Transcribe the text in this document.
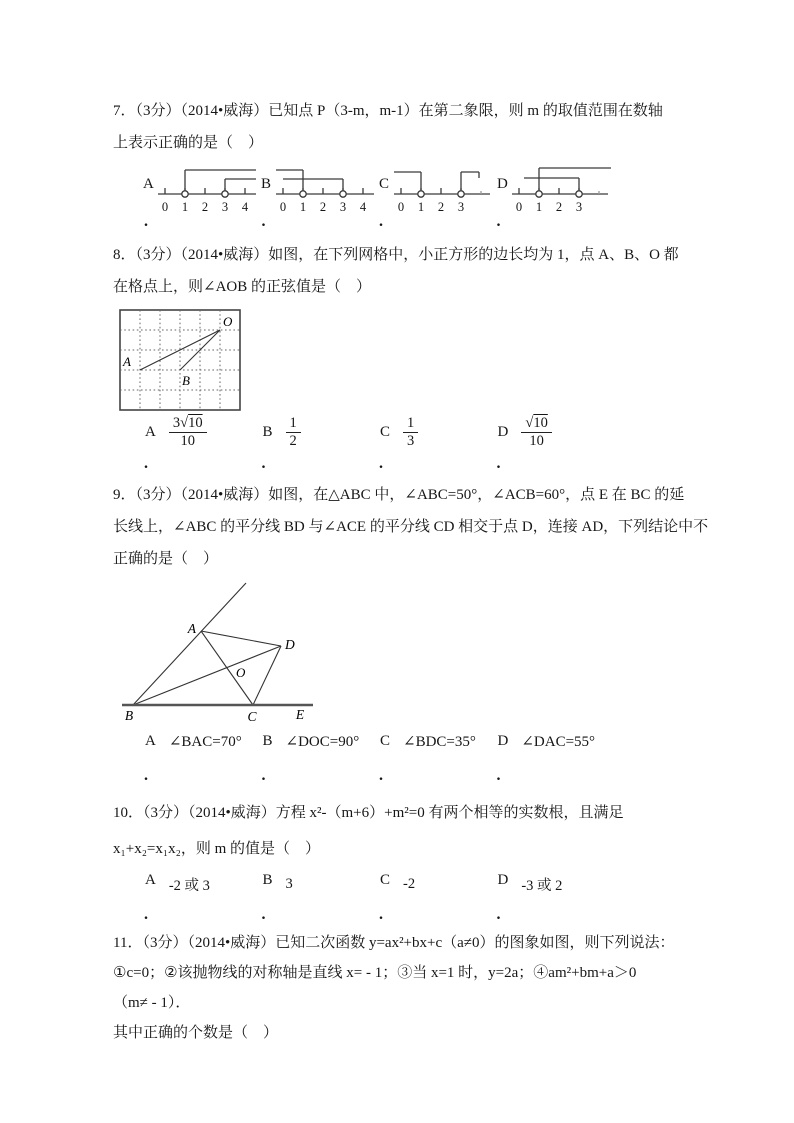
7．（3分）（2014•威海）已知点 P（3-m，m-1）在第二象限，则 m 的取值范围在数轴
上表示正确的是（　）
A
0 1 2 3 4
B
0 1 2 3 4
C
0 1 2 3
D
0 1 2 3
.	.	.	.
8．（3分）（2014•威海）如图，在下列网格中，小正方形的边长均为 1，点 A、B、O 都
在格点上，则∠AOB 的正弦值是（　）
O
A
B
A $\frac{3√10}{10}$	B $\frac{1}{2}$	C $\frac{1}{3}$	D $\frac{√10}{10}$
.	.	.	.
9．（3分）（2014•威海）如图，在△ABC 中，∠ABC=50°，∠ACB=60°，点 E 在 BC 的延
长线上，∠ABC 的平分线 BD 与∠ACE 的平分线 CD 相交于点 D，连接 AD，下列结论中不
正确的是（　）
A
B	C
D
E
O
A ∠BAC=70° B ∠DOC=90° C ∠BDC=35° D ∠DAC=55°
.	.	.	.
10．（3分）（2014•威海）方程 x²-（m+6）+m²=0 有两个相等的实数根，且满足
x₁+x₂=x₁x₂，则 m 的值是（　）
A -2 或 3	B 3	C -2	D -3 或 2
.	.	.	.
11．（3分）（2014•威海）已知二次函数 y=ax²+bx+c（a≠0）的图象如图，则下列说法：
①c=0；②该抛物线的对称轴是直线 x= - 1；③当 x=1 时，y=2a；④am²+bm+a＞0
（m≠ - 1）．
其中正确的个数是（　）
